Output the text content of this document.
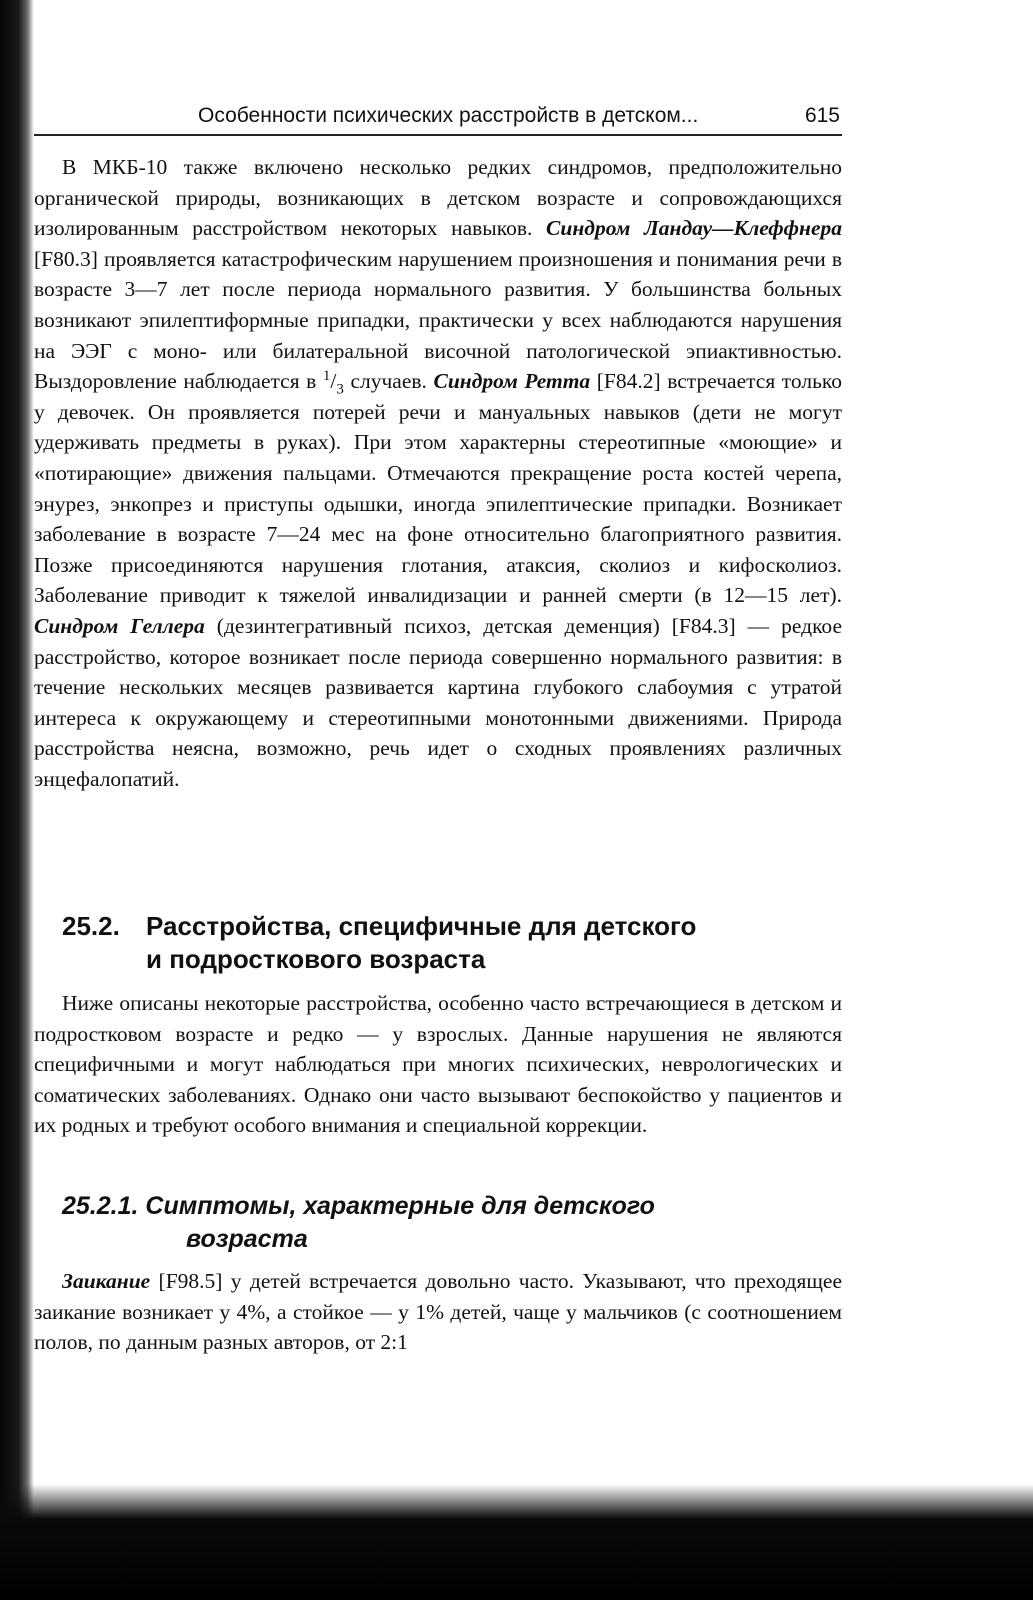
Особенности психических расстройств в детском...	615

В МКБ-10 также включено несколько редких синдромов, предположительно органической природы, возникающих в детском возрасте и сопровождающихся изолированным расстройством некоторых навыков. Синдром Ландау—Клеффнера [F80.3] проявляется катастрофическим нарушением произношения и понимания речи в возрасте 3—7 лет после периода нормального развития. У большинства больных возникают эпилептиформные припадки, практически у всех наблюдаются нарушения на ЭЭГ с моно- или билатеральной височной патологической эпиактивностью. Выздоровление наблюдается в $^1/_3$ случаев. Синдром Ретта [F84.2] встречается только у девочек. Он проявляется потерей речи и мануальных навыков (дети не могут удерживать предметы в руках). При этом характерны стереотипные «моющие» и «потирающие» движения пальцами. Отмечаются прекращение роста костей черепа, энурез, энкопрез и приступы одышки, иногда эпилептические припадки. Возникает заболевание в возрасте 7—24 мес на фоне относительно благоприятного развития. Позже присоединяются нарушения глотания, атаксия, сколиоз и кифосколиоз. Заболевание приводит к тяжелой инвалидизации и ранней смерти (в 12—15 лет). Синдром Геллера (дезинтегративный психоз, детская деменция) [F84.3] — редкое расстройство, которое возникает после периода совершенно нормального развития: в течение нескольких месяцев развивается картина глубокого слабоумия с утратой интереса к окружающему и стереотипными монотонными движениями. Природа расстройства неясна, возможно, речь идет о сходных проявлениях различных энцефалопатий.

25.2. Расстройства, специфичные для детского
и подросткового возраста

Ниже описаны некоторые расстройства, особенно часто встречающиеся в детском и подростковом возрасте и редко — у взрослых. Данные нарушения не являются специфичными и могут наблюдаться при многих психических, неврологических и соматических заболеваниях. Однако они часто вызывают беспокойство у пациентов и их родных и требуют особого внимания и специальной коррекции.

25.2.1. Симптомы, характерные для детского
возраста

Заикание [F98.5] у детей встречается довольно часто. Указывают, что преходящее заикание возникает у 4%, а стойкое — у 1% детей, чаще у мальчиков (с соотношением полов, по данным разных авторов, от 2:1
